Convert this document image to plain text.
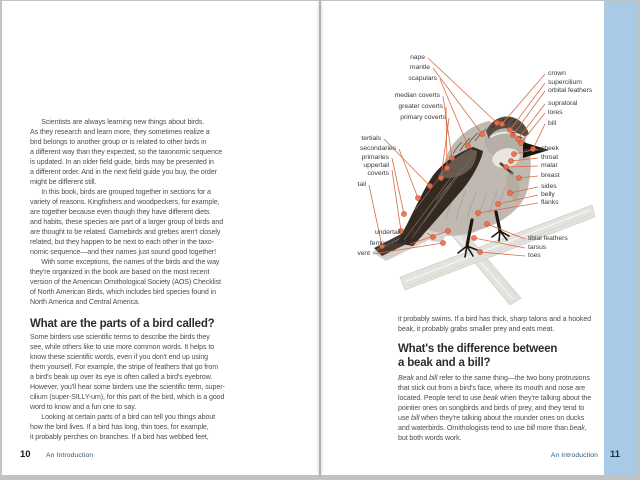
Scientists are always learning new things about birds.
As they research and learn more, they sometimes realize a
bird belongs to another group or is related to other birds in
a different way than they expected, so the taxonomic sequence
is updated. In an older field guide, birds may be presented in
a different order. And in the next field guide you buy, the order
might be different still.
In this book, birds are grouped together in sections for a
variety of reasons. Kingfishers and woodpeckers, for example,
are together because even though they have different diets
and habits, these species are part of a larger group of birds and
are thought to be related. Gamebirds and grebes aren't closely
related, but they happen to be next to each other in the taxo-
nomic sequence—and their names just sound good together!
With some exceptions, the names of the birds and the way
they're organized in the book are based on the most recent
version of the American Ornithological Society (AOS) Checklist
of North American Birds, which includes bird species found in
North America and Central America.
What are the parts of a bird called?
Some birders use scientific terms to describe the birds they
see, while others like to use more common words. It helps to
know these scientific words, even if you don't end up using
them yourself. For example, the stripe of feathers that go from
a bird's beak up over its eye is often called a bird's eyebrow.
However, you'll hear some birders use the scientific term, super-
cilium (super-SILLY-um), for this part of the bird, which is a good
word to know and a fun one to say.
Looking at certain parts of a bird can tell you things about
how the bird lives. If a bird has long, thin toes, for example,
it probably perches on branches. If a bird has webbed feet,
10 An Introduction
nape
mantle
scapulars
median coverts
greater coverts
primary coverts
tertials
secondaries
primaries
uppertail
coverts
tail
undertail coverts
femoral tract
vent
crown
supercilium
orbital feathers
supraloral
lores
bill
cheek
throat
malar
breast
sides
belly
flanks
tibial feathers
tarsus
toes
it probably swims. If a bird has thick, sharp talons and a hooked
beak, it probably grabs smaller prey and eats meat.
What's the difference between
a beak and a bill?
Beak and bill refer to the same thing—the two bony protrusions
that stick out from a bird's face, where its mouth and nose are
located. People tend to use beak when they're talking about the
pointier ones on songbirds and birds of prey, and they tend to
use bill when they're talking about the rounder ones on ducks
and waterbirds. Ornithologists tend to use bill more than beak,
but both words work.
An Introduction	11
